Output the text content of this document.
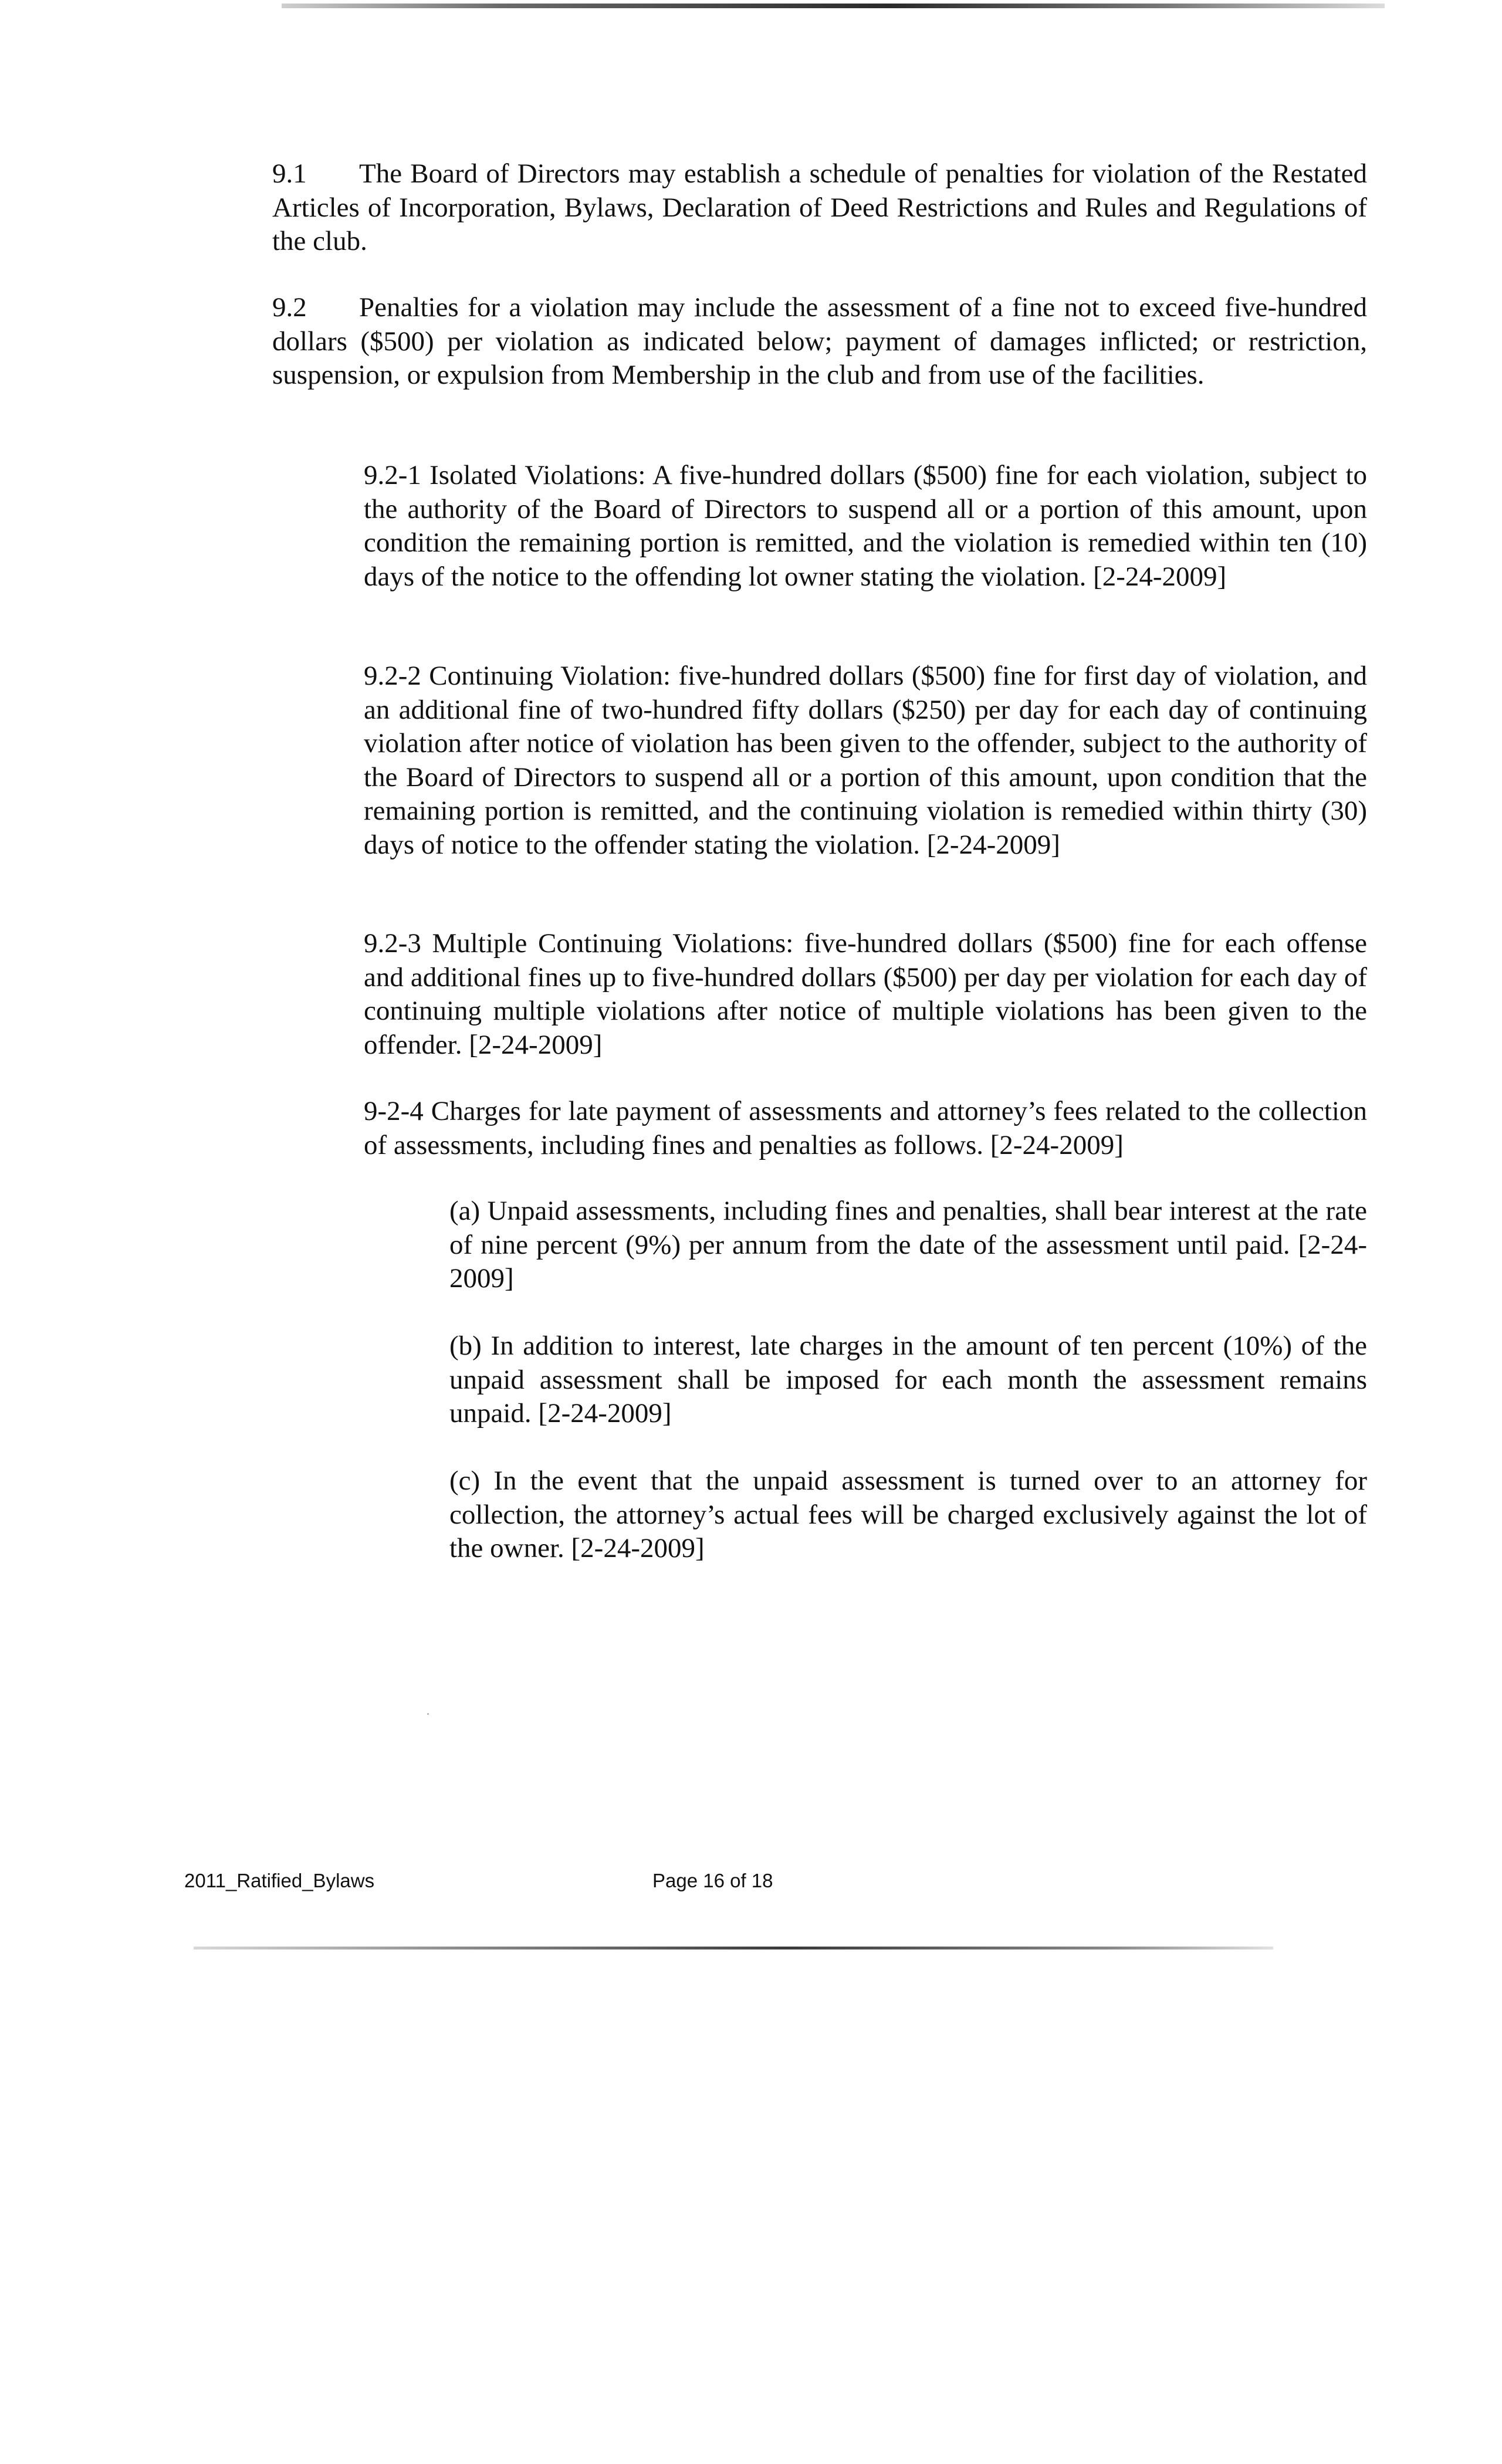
9.1 The Board of Directors may establish a schedule of penalties for violation of the Restated Articles of Incorporation, Bylaws, Declaration of Deed Restrictions and Rules and Regulations of the club.

9.2 Penalties for a violation may include the assessment of a fine not to exceed five-hundred dollars ($500) per violation as indicated below; payment of damages inflicted; or restriction, suspension, or expulsion from Membership in the club and from use of the facilities.

9.2-1 Isolated Violations: A five-hundred dollars ($500) fine for each violation, subject to the authority of the Board of Directors to suspend all or a portion of this amount, upon condition the remaining portion is remitted, and the violation is remedied within ten (10) days of the notice to the offending lot owner stating the violation. [2-24-2009]

9.2-2 Continuing Violation: five-hundred dollars ($500) fine for first day of violation, and an additional fine of two-hundred fifty dollars ($250) per day for each day of continuing violation after notice of violation has been given to the offender, subject to the authority of the Board of Directors to suspend all or a portion of this amount, upon condition that the remaining portion is remitted, and the continuing violation is remedied within thirty (30) days of notice to the offender stating the violation. [2-24-2009]

9.2-3 Multiple Continuing Violations: five-hundred dollars ($500) fine for each offense and additional fines up to five-hundred dollars ($500) per day per violation for each day of continuing multiple violations after notice of multiple violations has been given to the offender. [2-24-2009]

9-2-4 Charges for late payment of assessments and attorney’s fees related to the collection of assessments, including fines and penalties as follows. [2-24-2009]

(a) Unpaid assessments, including fines and penalties, shall bear interest at the rate of nine percent (9%) per annum from the date of the assessment until paid. [2-24-2009]

(b) In addition to interest, late charges in the amount of ten percent (10%) of the unpaid assessment shall be imposed for each month the assessment remains unpaid. [2-24-2009]

(c) In the event that the unpaid assessment is turned over to an attorney for collection, the attorney’s actual fees will be charged exclusively against the lot of the owner. [2-24-2009]

2011_Ratified_Bylaws	Page 16 of 18
